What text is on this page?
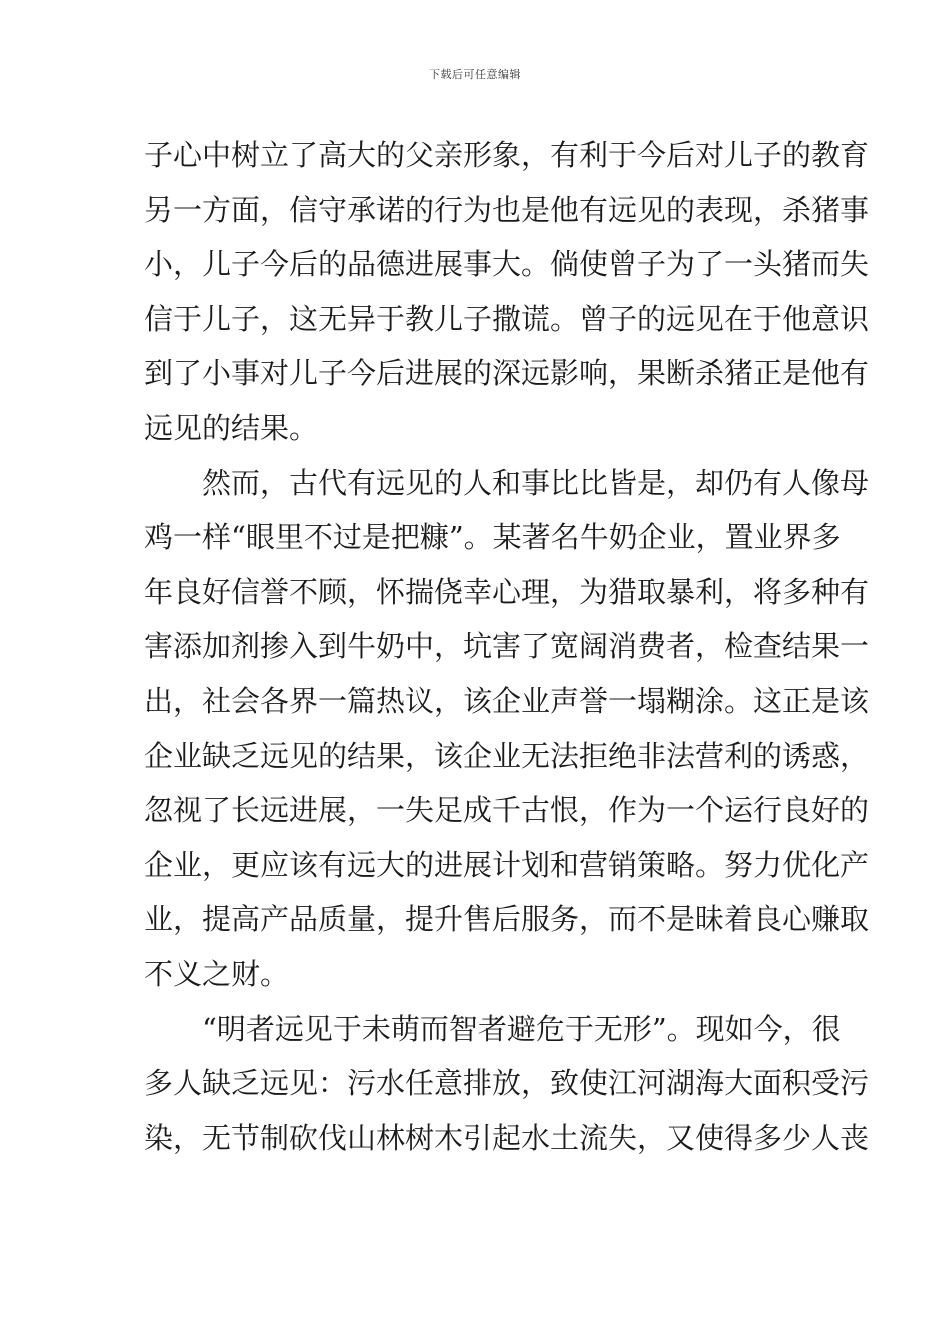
下载后可任意编辑
子心中树立了高大的父亲形象，有利于今后对儿子的教育
另一方面，信守承诺的行为也是他有远见的表现，杀猪事
小，儿子今后的品德进展事大。倘使曾子为了一头猪而失
信于儿子，这无异于教儿子撒谎。曾子的远见在于他意识
到了小事对儿子今后进展的深远影响，果断杀猪正是他有
远见的结果。
　　然而，古代有远见的人和事比比皆是，却仍有人像母
鸡一样“眼里不过是把糠”。某著名牛奶企业，置业界多
年良好信誉不顾，怀揣侥幸心理，为猎取暴利，将多种有
害添加剂掺入到牛奶中，坑害了宽阔消费者，检查结果一
出，社会各界一篇热议，该企业声誉一塌糊涂。这正是该
企业缺乏远见的结果，该企业无法拒绝非法营利的诱惑，
忽视了长远进展，一失足成千古恨，作为一个运行良好的
企业，更应该有远大的进展计划和营销策略。努力优化产
业，提高产品质量，提升售后服务，而不是昧着良心赚取
不义之财。
　　“明者远见于未萌而智者避危于无形”。现如今，很
多人缺乏远见：污水任意排放，致使江河湖海大面积受污
染，无节制砍伐山林树木引起水土流失，又使得多少人丧
